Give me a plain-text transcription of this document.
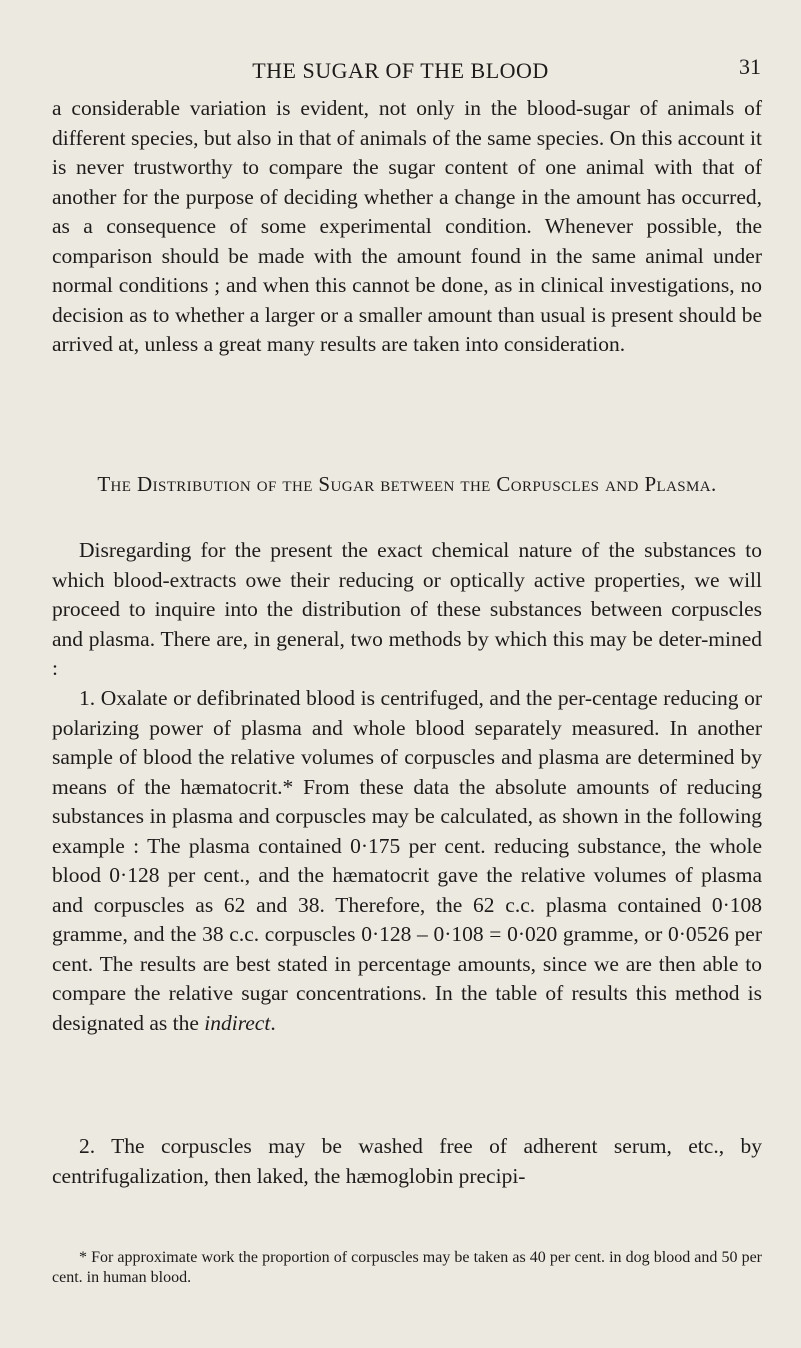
THE SUGAR OF THE BLOOD	31

a considerable variation is evident, not only in the blood-sugar of animals of different species, but also in that of animals of the same species. On this account it is never trustworthy to compare the sugar content of one animal with that of another for the purpose of deciding whether a change in the amount has occurred, as a consequence of some experimental condition. Whenever possible, the comparison should be made with the amount found in the same animal under normal conditions ; and when this cannot be done, as in clinical investigations, no decision as to whether a larger or a smaller amount than usual is present should be arrived at, unless a great many results are taken into consideration.

The Distribution of the Sugar between the Corpuscles and Plasma.

Disregarding for the present the exact chemical nature of the substances to which blood-extracts owe their reducing or optically active properties, we will proceed to inquire into the distribution of these substances between corpuscles and plasma. There are, in general, two methods by which this may be deter-mined :

1. Oxalate or defibrinated blood is centrifuged, and the per-centage reducing or polarizing power of plasma and whole blood separately measured. In another sample of blood the relative volumes of corpuscles and plasma are determined by means of the hæmatocrit.* From these data the absolute amounts of reducing substances in plasma and corpuscles may be calculated, as shown in the following example : The plasma contained 0·175 per cent. reducing substance, the whole blood 0·128 per cent., and the hæmatocrit gave the relative volumes of plasma and corpuscles as 62 and 38. Therefore, the 62 c.c. plasma contained 0·108 gramme, and the 38 c.c. corpuscles 0·128 – 0·108 = 0·020 gramme, or 0·0526 per cent. The results are best stated in percentage amounts, since we are then able to compare the relative sugar concentrations. In the table of results this method is designated as the indirect.

2. The corpuscles may be washed free of adherent serum, etc., by centrifugalization, then laked, the hæmoglobin precipi-

* For approximate work the proportion of corpuscles may be taken as 40 per cent. in dog blood and 50 per cent. in human blood.
